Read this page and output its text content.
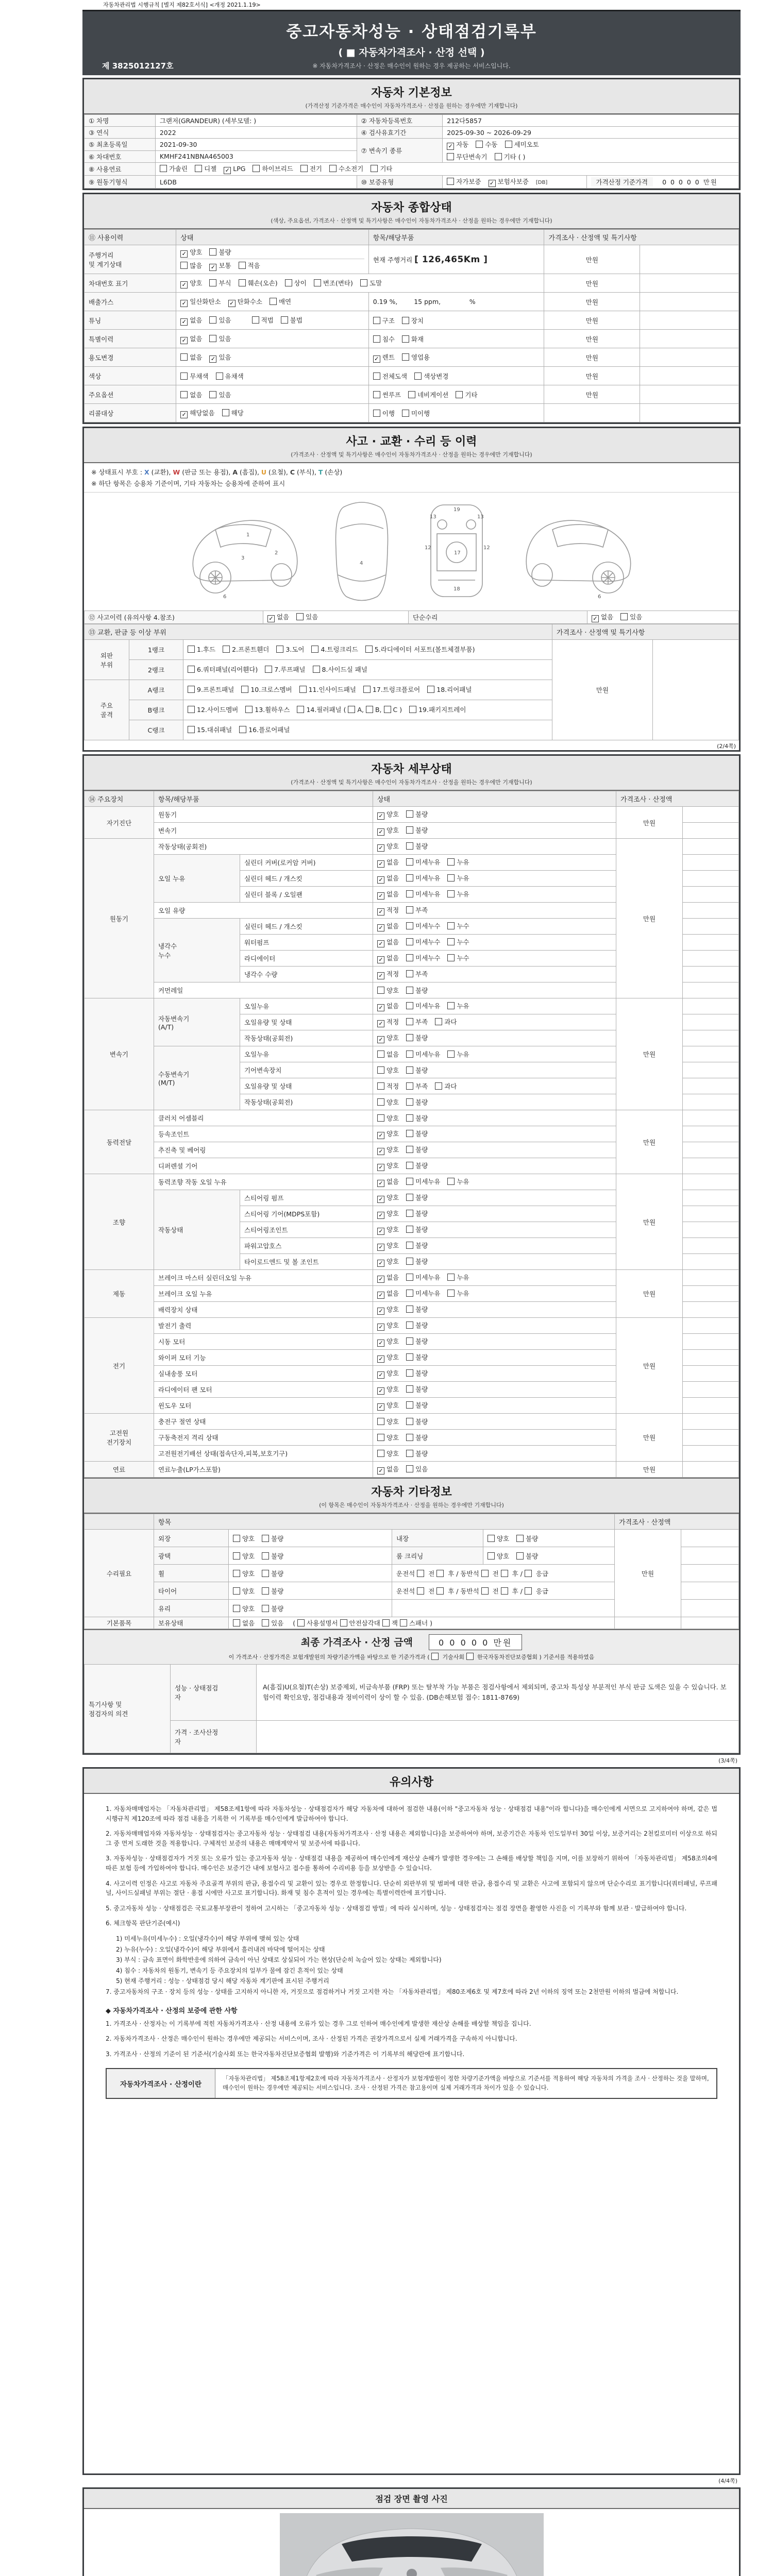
자동차관리법 시행규칙 [별지 제82호서식] <개정 2021.1.19>
중고자동차성능 · 상태점검기록부
( ■ 자동차가격조사 · 산정 선택 )
※ 자동차가격조사 · 산정은 매수인이 원하는 경우 제공하는 서비스입니다.
제 3825012127호
자동차 기본정보
(가격산정 기준가격은 매수인이 자동차가격조사 · 산정을 원하는 경우에만 기재합니다)
① 차명	그랜저(GRANDEUR) (세부모델: )	② 자동차등록번호	212다5857	
③ 연식	2022	④ 검사유효기간	2025-09-30 ~ 2026-09-29	
⑤ 최초등록일	2021-09-30	⑦ 변속기 종류	
✓자동 수동 세미오토
무단변속기 기타 ( )

⑥ 차대번호	KMHF241NBNA465003			
⑧ 사용연료	가솔린 디젤 ✓ LPG 하이브리드 전기 수소전기 기타
⑨ 원동기형식	L6DB	⑩ 보증유형	자가보증 ✓ 보험사보증 [DB]	가격산정 기준가격 0 0 0 0 0 만원
자동차 종합상태
(색상, 주요옵션, 가격조사 · 산정액 및 특기사항은 매수인이 자동차가격조사 · 산정을 원하는 경우에만 기재합니다)
⑪ 사용이력	상태	항목/해당부품	가격조사 · 산정액 및 특기사항	
주행거리
및 계기상태	
✓양호	불량
많음 ✓	보통	적음
	현재 주행거리 [ 126,465Km ]	만원	
차대번호 표기	✓양호 부식 훼손(오손) 상이 변조(변타) 도말		만원	
배출가스	✓일산화탄소 ✓ 탄화수소 매연	0.19 %,        15 ppm,              %	만원	
튜닝	✓없음 있음 적법 불법	구조 장치	만원	
특별이력	✓없음 있음	침수 화재	만원	
용도변경	없음 ✓ 있음	✓렌트 영업용	만원	
색상	무채색 유채색	전체도색 색상변경	만원	
주요옵션	없음 있음	썬루프 네비게이션 기타	만원	
리콜대상	✓해당없음 해당	이행 미이행		
사고 · 교환 · 수리 등 이력
(가격조사 · 산정액 및 특기사항은 매수인이 자동차가격조사 · 산정을 원하는 경우에만 기재합니다)
※ 상태표시 부호 : X (교환), W (판금 또는 용접), A (흠집), U (요철), C (부식), T (손상)
※ 하단 항목은 승용차 기준이며, 기타 자동차는 승용차에 준하여 표시
1
2
3
6
4
13
19
13
12	12
17
18
6
⑫ 사고이력 (유의사항 4.참조)	✓없음	있음	단순수리	✓없음	있음
⑬ 교환, 판금 등 이상 부위			가격조사 · 산정액 및 특기사항	
외판
부위	1랭크	1.후드 2.프론트휀더 3.도어 4.트렁크리드 5.라디에이터 서포트(볼트체결부품)	만원	
	2랭크	6.쿼터패널(리어휀다) 7.루프패널 8.사이드실 패널		
주요
골격	A랭크	9.프론트패널 10.크로스멤버 11.인사이드패널 17.트렁크플로어 18.리어패널		
	B랭크	12.사이드멤버 13.휠하우스 14.필러패널 ( A, B, C ) 19.패키지트레이		
	C랭크	15.대쉬패널 16.플로어패널		
(2/4쪽)
자동차 세부상태
(가격조사 · 산정액 및 특기사항은 매수인이 자동차가격조사 · 산정을 원하는 경우에만 기재합니다)
⑭ 주요장치	항목/해당부품		상태	가격조사 · 산정액	
자기진단	원동기	✓양호 불량	만원	
	변속기	✓양호 불량	
원동기	작동상태(공회전)	✓양호 불량	만원	
	오일 누유	실린더 커버(로커암 커버)	✓없음 미세누유 누유	
		실린더 헤드 / 개스킷	✓없음 미세누유 누유	
		실린더 블록 / 오일팬	✓없음 미세누유 누유	
	오일 유량	✓적정 부족	
	냉각수
누수	실린더 헤드 / 개스킷	✓없음 미세누수 누수	
		워터펌프	✓없음 미세누수 누수	
		라디에이터	✓없음 미세누수 누수	
		냉각수 수량	✓적정 부족	
	커먼레일		양호 불량		
변속기	자동변속기
(A/T)	오일누유	✓없음 미세누유 누유	만원	
		오일유량 및 상태	✓적정 부족 과다	
		작동상태(공회전)	✓양호 불량	
	수동변속기
(M/T)	오일누유	없음 미세누유 누유		
		기어변속장치	양호 불량		
		오일유량 및 상태	적정 부족 과다		
		작동상태(공회전)	양호 불량		
동력전달	클러치 어셈블리		양호 불량	만원	
	등속조인트	✓양호 불량	
	추진축 및 베어링	✓양호 불량	
	디퍼렌셜 기어	✓양호 불량	
조향	동력조향 작동 오일 누유	✓없음 미세누유 누유	만원	
	작동상태	스티어링 펌프	✓양호 불량	
		스티어링 기어(MDPS포함)	✓양호 불량	
		스티어링조인트	✓양호 불량	
		파워고압호스	✓양호 불량	
		타이로드엔드 및 볼 조인트	✓양호 불량	
제동	브레이크 마스터 실린더오일 누유	✓없음 미세누유 누유	만원	
	브레이크 오일 누유	✓없음 미세누유 누유	
	배력장치 상태	✓양호 불량	
전기	발전기 출력	✓양호 불량	만원	
	시동 모터	✓양호 불량	
	와이퍼 모터 기능	✓양호 불량	
	실내송풍 모터	✓양호 불량	
	라디에이터 팬 모터	✓양호 불량	
	윈도우 모터	✓양호 불량	
고전원
전기장치	충전구 절연 상태		양호 불량	만원	
	구동축전지 격리 상태		양호 불량		
	고전원전기배선 상태(접속단자,피복,보호기구)		양호 불량		
연료	연료누출(LP가스포함)	✓없음 있음	만원	
자동차 기타정보
(이 항목은 매수인이 자동차가격조사 · 산정을 원하는 경우에만 기재합니다)
	항목				가격조사 · 산정액	
수리필요	외장	양호 불량	내장	양호 불량	만원	
	광택	양호 불량	룸 크리닝	양호 불량		
	휠	양호 불량	운전석  전  후 / 동반석  전  후 /  응급			
	타이어	양호 불량	운전석  전  후 / 동반석  전  후 /  응급			
	유리	양호 불량				
기본품목	보유상태	없음 있음 ( 사용설명서 안전삼각대 잭 스패너 )				
최종 가격조사 · 산정 금액	0 0 0 0 0 만원
이 가격조사 · 산정가격은 보험개발원의 차량기준가액을 바탕으로 한 기준가격과 (  기술사회  한국자동차진단보증협회 ) 기준서를 적용하였음
특기사항 및
점검자의 의견	성능 · 상태점검
자	A(흠집)U(요철)T(손상) 보증제외, 비금속부품 (FRP) 또는 탈부착 가능 부품은 점검사항에서 제외되며, 중고차 특성상 부분적인 부식 판금 도색은 있을 수 있습니다. 보험이력 확인요망, 점검내용과 정비이력이 상이 할 수 있음. (DB손해보험 접수: 1811-8769)
	가격 · 조사산정
자	
(3/4쪽)
유의사항
1. 자동차매매업자는 「자동차관리법」 제58조제1항에 따라 자동차성능 · 상태점검자가 해당 자동차에 대하여 점검한 내용(이하 "중고자동차 성능 · 상태점검 내용"이라 합니다)을 매수인에게 서면으로 고지하여야 하며, 같은 법 시행규칙 제120조에 따라 점검 내용을 기록한 이 기록부를 매수인에게 발급하여야 합니다.
2. 자동차매매업자와 자동차성능 · 상태점검자는 중고자동차 성능 · 상태점검 내용(자동차가격조사 · 산정 내용은 제외합니다)을 보증하여야 하며, 보증기간은 자동차 인도일부터 30일 이상, 보증거리는 2천킬로미터 이상으로 하되 그 중 먼저 도래한 것을 적용합니다. 구체적인 보증의 내용은 매매계약서 및 보증서에 따릅니다.
3. 자동차성능 · 상태점검자가 거짓 또는 오류가 있는 중고자동차 성능 · 상태점검 내용을 제공하여 매수인에게 재산상 손해가 발생한 경우에는 그 손해를 배상할 책임을 지며, 이를 보장하기 위하여 「자동차관리법」 제58조의4에 따른 보험 등에 가입하여야 합니다. 매수인은 보증기간 내에 보험사고 접수를 통하여 수리비용 등을 보상받을 수 있습니다.
4. 사고이력 인정은 사고로 자동차 주요골격 부위의 판금, 용접수리 및 교환이 있는 경우로 한정합니다. 단순히 외판부위 및 범퍼에 대한 판금, 용접수리 및 교환은 사고에 포함되지 않으며 단순수리로 표기합니다(쿼터패널, 루프패널, 사이드실패널 부위는 절단 · 용접 시에만 사고로 표기합니다). 화재 및 침수 흔적이 있는 경우에는 특별이력란에 표기합니다.
5. 중고자동차 성능 · 상태점검은 국토교통부장관이 정하여 고시하는 「중고자동차 성능 · 상태점검 방법」에 따라 실시하며, 성능 · 상태점검자는 점검 장면을 촬영한 사진을 이 기록부와 함께 보관 · 발급하여야 합니다.
6. 체크항목 판단기준(예시)
1) 미세누유(미세누수) : 오일(냉각수)이 해당 부위에 맺혀 있는 상태
2) 누유(누수) : 오일(냉각수)이 해당 부위에서 흘러내려 바닥에 떨어지는 상태
3) 부식 : 금속 표면이 화학반응에 의하여 금속이 아닌 상태로 상실되어 가는 현상(단순히 녹슬어 있는 상태는 제외합니다)
4) 침수 : 자동차의 원동기, 변속기 등 주요장치의 일부가 물에 잠긴 흔적이 있는 상태
5) 현재 주행거리 : 성능 · 상태점검 당시 해당 자동차 계기판에 표시된 주행거리
7. 중고자동차의 구조 · 장치 등의 성능 · 상태를 고지하지 아니한 자, 거짓으로 점검하거나 거짓 고지한 자는 「자동차관리법」 제80조제6호 및 제7호에 따라 2년 이하의 징역 또는 2천만원 이하의 벌금에 처합니다.
◆ 자동차가격조사 · 산정의 보증에 관한 사항
1. 가격조사 · 산정자는 이 기록부에 적힌 자동차가격조사 · 산정 내용에 오류가 있는 경우 그로 인하여 매수인에게 발생한 재산상 손해를 배상할 책임을 집니다.
2. 자동차가격조사 · 산정은 매수인이 원하는 경우에만 제공되는 서비스이며, 조사 · 산정된 가격은 권장가격으로서 실제 거래가격을 구속하지 아니합니다.
3. 가격조사 · 산정의 기준이 된 기준서(기술사회 또는 한국자동차진단보증협회 발행)와 기준가격은 이 기록부의 해당란에 표기합니다.
자동차가격조사 · 산정이란
「자동차관리법」 제58조제1항제2호에 따라 자동차가격조사 · 산정자가 보험개발원이 정한 차량기준가액을 바탕으로 기준서를 적용하여 해당 자동차의 가격을 조사 · 산정하는 것을 말하며, 매수인이 원하는 경우에만 제공되는 서비스입니다. 조사 · 산정된 가격은 참고용이며 실제 거래가격과 차이가 있을 수 있습니다.
(4/4쪽)
점검 장면 촬영 사진
